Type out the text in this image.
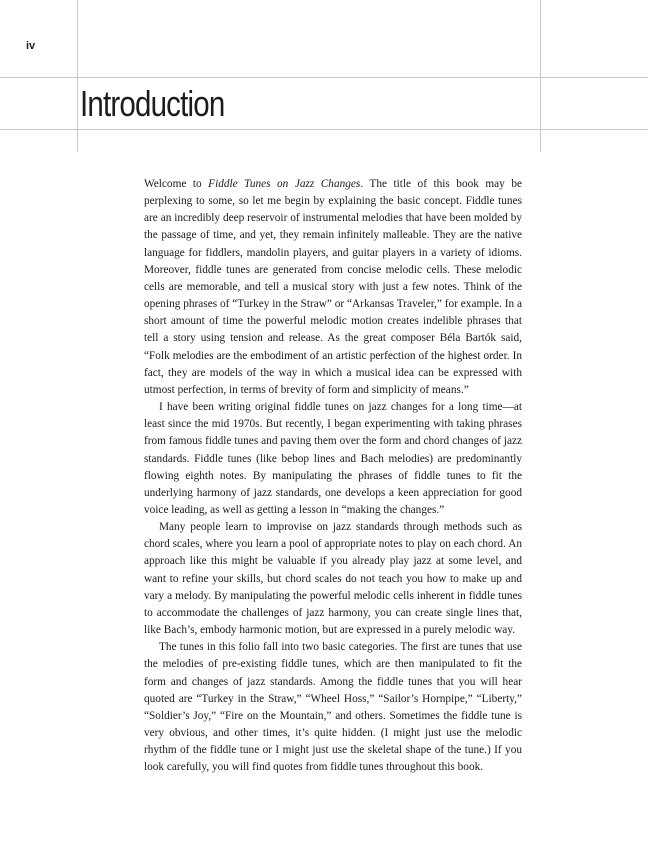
iv
Introduction

Welcome to Fiddle Tunes on Jazz Changes. The title of this book may be perplexing to some, so let me begin by explaining the basic concept. Fiddle tunes are an incredibly deep reservoir of instrumental melodies that have been molded by the passage of time, and yet, they remain infinitely malleable. They are the native language for fiddlers, mandolin players, and guitar players in a variety of idioms. Moreover, fiddle tunes are generated from concise melodic cells. These melodic cells are memorable, and tell a musical story with just a few notes. Think of the opening phrases of “Turkey in the Straw” or “Arkansas Traveler,” for example. In a short amount of time the powerful melodic motion creates indelible phrases that tell a story using tension and release. As the great composer Béla Bartók said, “Folk melodies are the embodiment of an artistic perfection of the highest order. In fact, they are models of the way in which a musical idea can be expressed with utmost perfection, in terms of brevity of form and simplicity of means.”

I have been writing original fiddle tunes on jazz changes for a long time—at least since the mid 1970s. But recently, I began experimenting with taking phrases from famous fiddle tunes and paving them over the form and chord changes of jazz standards. Fiddle tunes (like bebop lines and Bach melodies) are predominantly flowing eighth notes. By manipulating the phrases of fiddle tunes to fit the underlying harmony of jazz standards, one develops a keen appreciation for good voice leading, as well as getting a lesson in “making the changes.”

Many people learn to improvise on jazz standards through methods such as chord scales, where you learn a pool of appropriate notes to play on each chord. An approach like this might be valuable if you already play jazz at some level, and want to refine your skills, but chord scales do not teach you how to make up and vary a melody. By manipulating the powerful melodic cells inherent in fiddle tunes to accommodate the challenges of jazz harmony, you can create single lines that, like Bach’s, embody harmonic motion, but are expressed in a purely melodic way.

The tunes in this folio fall into two basic categories. The first are tunes that use the melodies of pre-existing fiddle tunes, which are then manipulated to fit the form and changes of jazz standards. Among the fiddle tunes that you will hear quoted are “Turkey in the Straw,” “Wheel Hoss,” “Sailor’s Hornpipe,” “Liberty,” “Soldier’s Joy,” “Fire on the Mountain,” and others. Sometimes the fiddle tune is very obvious, and other times, it’s quite hidden. (I might just use the melodic rhythm of the fiddle tune or I might just use the skeletal shape of the tune.) If you look carefully, you will find quotes from fiddle tunes throughout this book.
